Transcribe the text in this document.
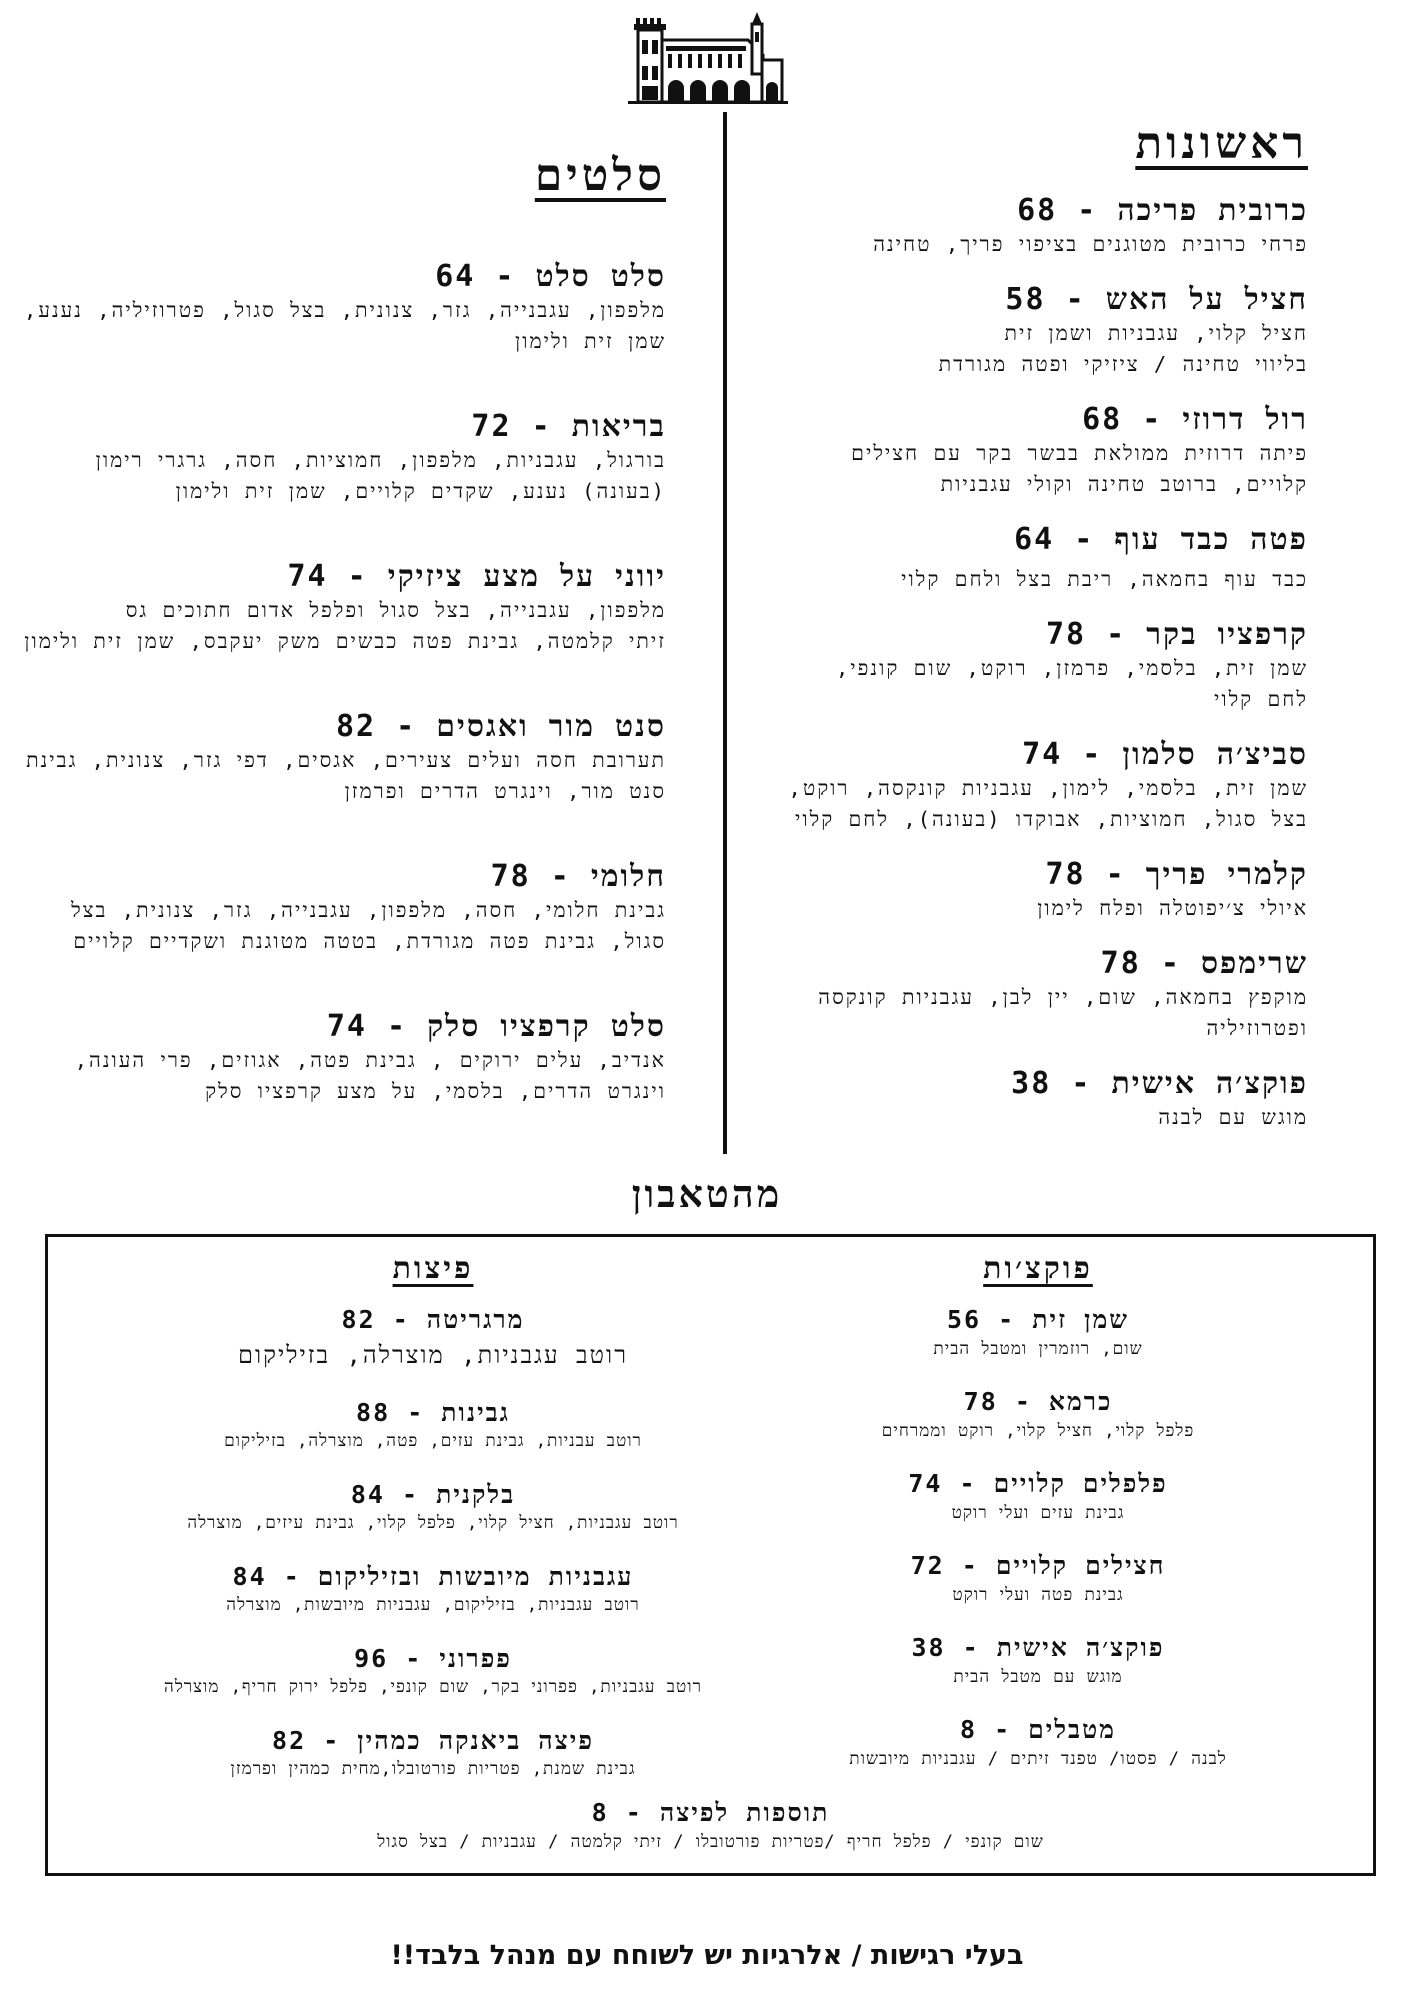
ראשונות
כרובית פריכה - 68
פרחי כרובית מטוגנים בציפוי פריך, טחינה
חציל על האש - 58
חציל קלוי, עגבניות ושמן זית
בליווי טחינה / ציזיקי ופטה מגורדת
רול דרוזי - 68
פיתה דרוזית ממולאת בבשר בקר עם חצילים
קלויים, ברוטב טחינה וקולי עגבניות
פטה כבד עוף - 64
כבד עוף בחמאה, ריבת בצל ולחם קלוי
קרפציו בקר - 78
שמן זית, בלסמי, פרמזן, רוקט, שום קונפי,
לחם קלוי
סביצ׳ה סלמון - 74
שמן זית, בלסמי, לימון, עגבניות קונקסה, רוקט,
בצל סגול, חמוציות, אבוקדו (בעונה), לחם קלוי
קלמרי פריך - 78
איולי צ׳יפוטלה ופלח לימון
שרימפס - 78
מוקפץ בחמאה, שום, יין לבן, עגבניות קונקסה
ופטרוזיליה
פוקצ׳ה אישית - 38
מוגש עם לבנה
סלטים
סלט סלט - 64
מלפפון, עגבנייה, גזר, צנונית, בצל סגול, פטרוזיליה, נענע,
שמן זית ולימון
בריאות - 72
בורגול, עגבניות, מלפפון, חמוציות, חסה, גרגרי רימון
(בעונה) נענע, שקדים קלויים, שמן זית ולימון
יווני על מצע ציזיקי - 74
מלפפון, עגבנייה, בצל סגול ופלפל אדום חתוכים גס
זיתי קלמטה, גבינת פטה כבשים משק יעקבס, שמן זית ולימון
סנט מור ואגסים - 82
תערובת חסה ועלים צעירים, אגסים, דפי גזר, צנונית, גבינת
סנט מור, וינגרט הדרים ופרמזן
חלומי - 78
גבינת חלומי, חסה, מלפפון, עגבנייה, גזר, צנונית, בצל
סגול, גבינת פטה מגורדת, בטטה מטוגנת ושקדיים קלויים
סלט קרפציו סלק - 74
אנדיב, עלים ירוקים , גבינת פטה, אגוזים, פרי העונה,
וינגרט הדרים, בלסמי, על מצע קרפציו סלק
מהטאבון
פוקצ׳ות
שמן זית - 56
שום, רוזמרין ומטבל הבית
כרמא - 78
פלפל קלוי, חציל קלוי, רוקט וממרחים
פלפלים קלויים - 74
גבינת עזים ועלי רוקט
חצילים קלויים - 72
גבינת פטה ועלי רוקט
פוקצ׳ה אישית - 38
מוגש עם מטבל הבית
מטבלים - 8
לבנה / פסטו/ טפנד זיתים / עגבניות מיובשות
פיצות
מרגריטה - 82
רוטב עגבניות, מוצרלה, בזיליקום
גבינות - 88
רוטב עבניות, גבינת עזים, פטה, מוצרלה, בזיליקום
בלקנית - 84
רוטב עגבניות, חציל קלוי, פלפל קלוי, גבינת עיזים, מוצרלה
עגבניות מיובשות ובזיליקום - 84
רוטב עגבניות, בזיליקום, עגבניות מיובשות, מוצרלה
פפרוני - 96
רוטב עגבניות, פפרוני בקר, שום קונפי, פלפל ירוק חריף, מוצרלה
פיצה ביאנקה כמהין - 82
גבינת שמנת, פטריות פורטובלו,מחית כמהין ופרמזן
תוספות לפיצה - 8
שום קונפי / פלפל חריף /פטריות פורטובלו / זיתי קלמטה / עגבניות / בצל סגול

בעלי רגישות / אלרגיות יש לשוחח עם מנהל בלבד!!
